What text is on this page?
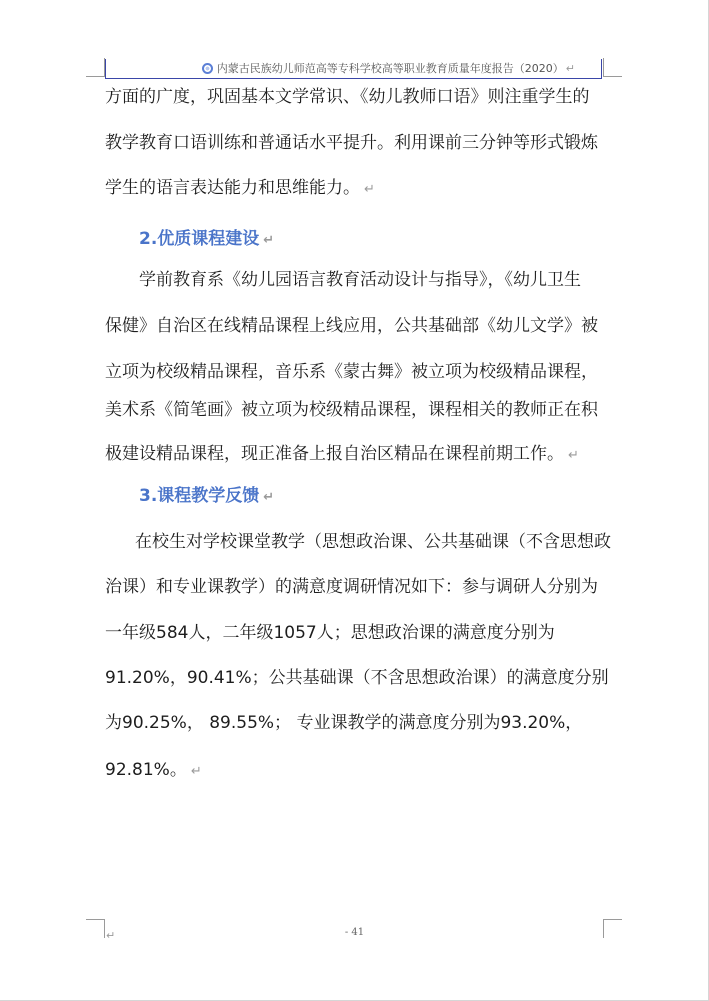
内蒙古民族幼儿师范高等专科学校高等职业教育质量年度报告（2020） ↵
方面的广度，巩固基本文学常识、《幼儿教师口语》则注重学生的
教学教育口语训练和普通话水平提升。利用课前三分钟等形式锻炼
学生的语言表达能力和思维能力。 ↵
2.优质课程建设 ↵
学前教育系《幼儿园语言教育活动设计与指导》，《幼儿卫生
保健》自治区在线精品课程上线应用，公共基础部《幼儿文学》被
立项为校级精品课程，音乐系《蒙古舞》被立项为校级精品课程，
美术系《简笔画》被立项为校级精品课程，课程相关的教师正在积
极建设精品课程，现正准备上报自治区精品在课程前期工作。 ↵
3.课程教学反馈 ↵
在校生对学校课堂教学（思想政治课、公共基础课（不含思想政
治课）和专业课教学）的满意度调研情况如下：参与调研人分别为
一年级584人，二年级1057人；思想政治课的满意度分别为
91.20%，90.41%；公共基础课（不含思想政治课）的满意度分别
为90.25%， 89.55%； 专业课教学的满意度分别为93.20%，
92.81%。 ↵
↵	- 41
